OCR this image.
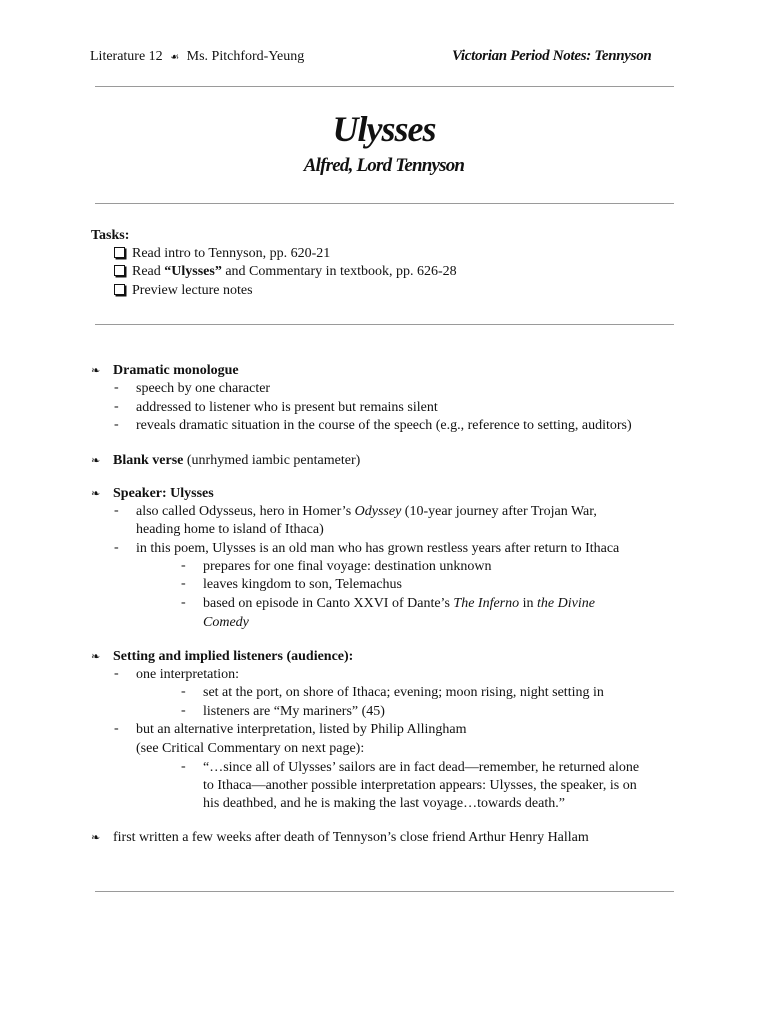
Literature 12 ☙ Ms. Pitchford-Yeung	Victorian Period Notes: Tennyson
Ulysses
Alfred, Lord Tennyson
Tasks:
Read intro to Tennyson, pp. 620-21
Read “Ulysses” and Commentary in textbook, pp. 626-28
Preview lecture notes
❧ Dramatic monologue
- speech by one character
- addressed to listener who is present but remains silent
- reveals dramatic situation in the course of the speech (e.g., reference to setting, auditors)
❧ Blank verse (unrhymed iambic pentameter)
❧ Speaker: Ulysses
- also called Odysseus, hero in Homer’s Odyssey (10-year journey after Trojan War,
heading home to island of Ithaca)
- in this poem, Ulysses is an old man who has grown restless years after return to Ithaca
- prepares for one final voyage: destination unknown
- leaves kingdom to son, Telemachus
- based on episode in Canto XXVI of Dante’s The Inferno in the Divine
Comedy
❧ Setting and implied listeners (audience):
- one interpretation:
- set at the port, on shore of Ithaca; evening; moon rising, night setting in
- listeners are “My mariners” (45)
- but an alternative interpretation, listed by Philip Allingham
(see Critical Commentary on next page):
- “…since all of Ulysses’ sailors are in fact dead—remember, he returned alone
to Ithaca—another possible interpretation appears: Ulysses, the speaker, is on
his deathbed, and he is making the last voyage…towards death.”
❧ first written a few weeks after death of Tennyson’s close friend Arthur Henry Hallam
